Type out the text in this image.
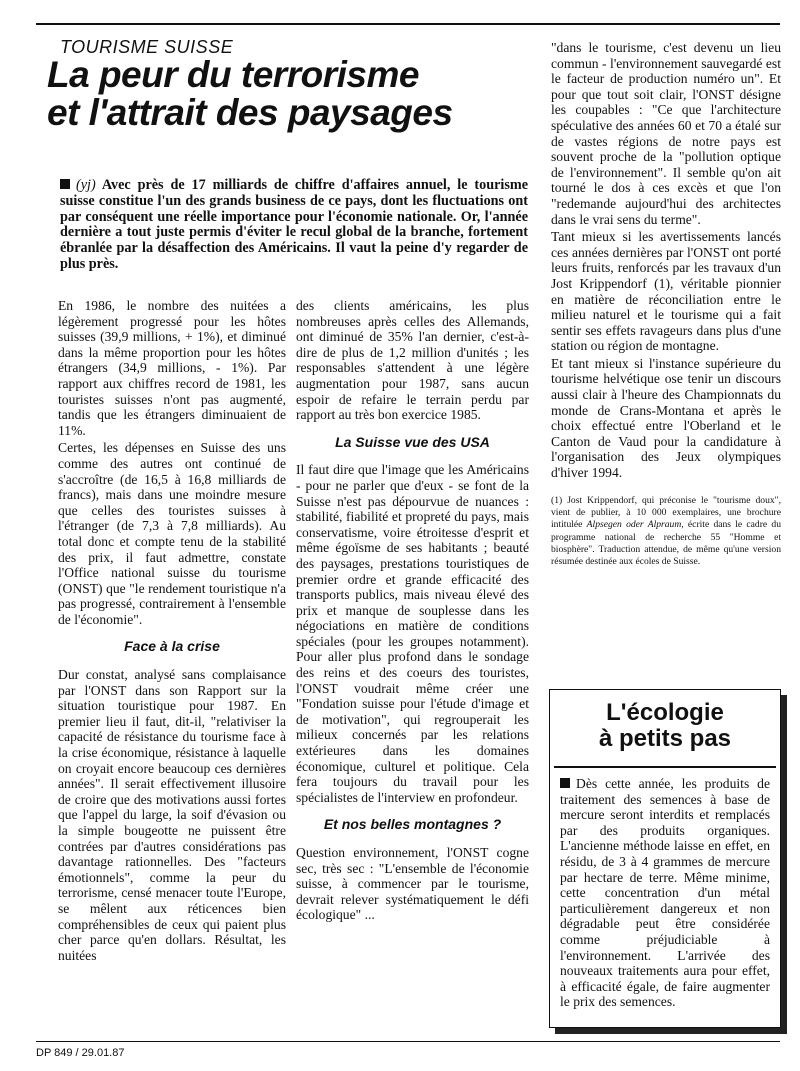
TOURISME SUISSE
La peur du terrorisme
et l'attrait des paysages

(yj) Avec près de 17 milliards de chiffre d'affaires annuel, le tourisme suisse constitue l'un des grands business de ce pays, dont les fluctuations ont par conséquent une réelle importance pour l'économie nationale. Or, l'année dernière a tout juste permis d'éviter le recul global de la branche, fortement ébranlée par la désaffection des Américains. Il vaut la peine d'y regarder de plus près.

En 1986, le nombre des nuitées a légèrement progressé pour les hôtes suisses (39,9 millions, + 1%), et diminué dans la même proportion pour les hôtes étrangers (34,9 millions, - 1%). Par rapport aux chiffres record de 1981, les touristes suisses n'ont pas augmenté, tandis que les étrangers diminuaient de 11%.

Certes, les dépenses en Suisse des uns comme des autres ont continué de s'accroître (de 16,5 à 16,8 milliards de francs), mais dans une moindre mesure que celles des touristes suisses à l'étranger (de 7,3 à 7,8 milliards). Au total donc et compte tenu de la stabilité des prix, il faut admettre, constate l'Office national suisse du tourisme (ONST) que "le rendement touristique n'a pas progressé, contrairement à l'ensemble de l'économie".

Face à la crise

Dur constat, analysé sans complaisance par l'ONST dans son Rapport sur la situation touristique pour 1987. En premier lieu il faut, dit-il, "relativiser la capacité de résistance du tourisme face à la crise économique, résistance à laquelle on croyait encore beaucoup ces dernières années". Il serait effectivement illusoire de croire que des motivations aussi fortes que l'appel du large, la soif d'évasion ou la simple bougeotte ne puissent être contrées par d'autres considérations pas davantage rationnelles. Des "facteurs émotionnels", comme la peur du terrorisme, censé menacer toute l'Europe, se mêlent aux réticences bien compréhensibles de ceux qui paient plus cher parce qu'en dollars. Résultat, les nuitées

des clients américains, les plus nombreuses après celles des Allemands, ont diminué de 35% l'an dernier, c'est-à-dire de plus de 1,2 million d'unités ; les responsables s'attendent à une légère augmentation pour 1987, sans aucun espoir de refaire le terrain perdu par rapport au très bon exercice 1985.

La Suisse vue des USA

Il faut dire que l'image que les Américains - pour ne parler que d'eux - se font de la Suisse n'est pas dépourvue de nuances : stabilité, fiabilité et propreté du pays, mais conservatisme, voire étroitesse d'esprit et même égoïsme de ses habitants ; beauté des paysages, prestations touristiques de premier ordre et grande efficacité des transports publics, mais niveau élevé des prix et manque de souplesse dans les négociations en matière de conditions spéciales (pour les groupes notamment). Pour aller plus profond dans le sondage des reins et des coeurs des touristes, l'ONST voudrait même créer une "Fondation suisse pour l'étude d'image et de motivation", qui regrouperait les milieux concernés par les relations extérieures dans les domaines économique, culturel et politique. Cela fera toujours du travail pour les spécialistes de l'interview en profondeur.

Et nos belles montagnes ?

Question environnement, l'ONST cogne sec, très sec : "L'ensemble de l'économie suisse, à commencer par le tourisme, devrait relever systématiquement le défi écologique" ...

"dans le tourisme, c'est devenu un lieu commun - l'environnement sauvegardé est le facteur de production numéro un". Et pour que tout soit clair, l'ONST désigne les coupables : "Ce que l'architecture spéculative des années 60 et 70 a étalé sur de vastes régions de notre pays est souvent proche de la "pollution optique de l'environnement". Il semble qu'on ait tourné le dos à ces excès et que l'on "redemande aujourd'hui des architectes dans le vrai sens du terme".

Tant mieux si les avertissements lancés ces années dernières par l'ONST ont porté leurs fruits, renforcés par les travaux d'un Jost Krippendorf (1), véritable pionnier en matière de réconciliation entre le milieu naturel et le tourisme qui a fait sentir ses effets ravageurs dans plus d'une station ou région de montagne.

Et tant mieux si l'instance supérieure du tourisme helvétique ose tenir un discours aussi clair à l'heure des Championnats du monde de Crans-Montana et après le choix effectué entre l'Oberland et le Canton de Vaud pour la candidature à l'organisation des Jeux olympiques d'hiver 1994.

(1) Jost Krippendorf, qui préconise le "tourisme doux", vient de publier, à 10 000 exemplaires, une brochure intitulée Alpsegen oder Alpraum, écrite dans le cadre du programme national de recherche 55 "Homme et biosphère". Traduction attendue, de même qu'une version résumée destinée aux écoles de Suisse.

L'écologie
à petits pas

Dès cette année, les produits de traitement des semences à base de mercure seront interdits et remplacés par des produits organiques. L'ancienne méthode laisse en effet, en résidu, de 3 à 4 grammes de mercure par hectare de terre. Même minime, cette concentration d'un métal particulièrement dangereux et non dégradable peut être considérée comme préjudiciable à l'environnement. L'arrivée des nouveaux traitements aura pour effet, à efficacité égale, de faire augmenter le prix des semences.

DP 849 / 29.01.87
